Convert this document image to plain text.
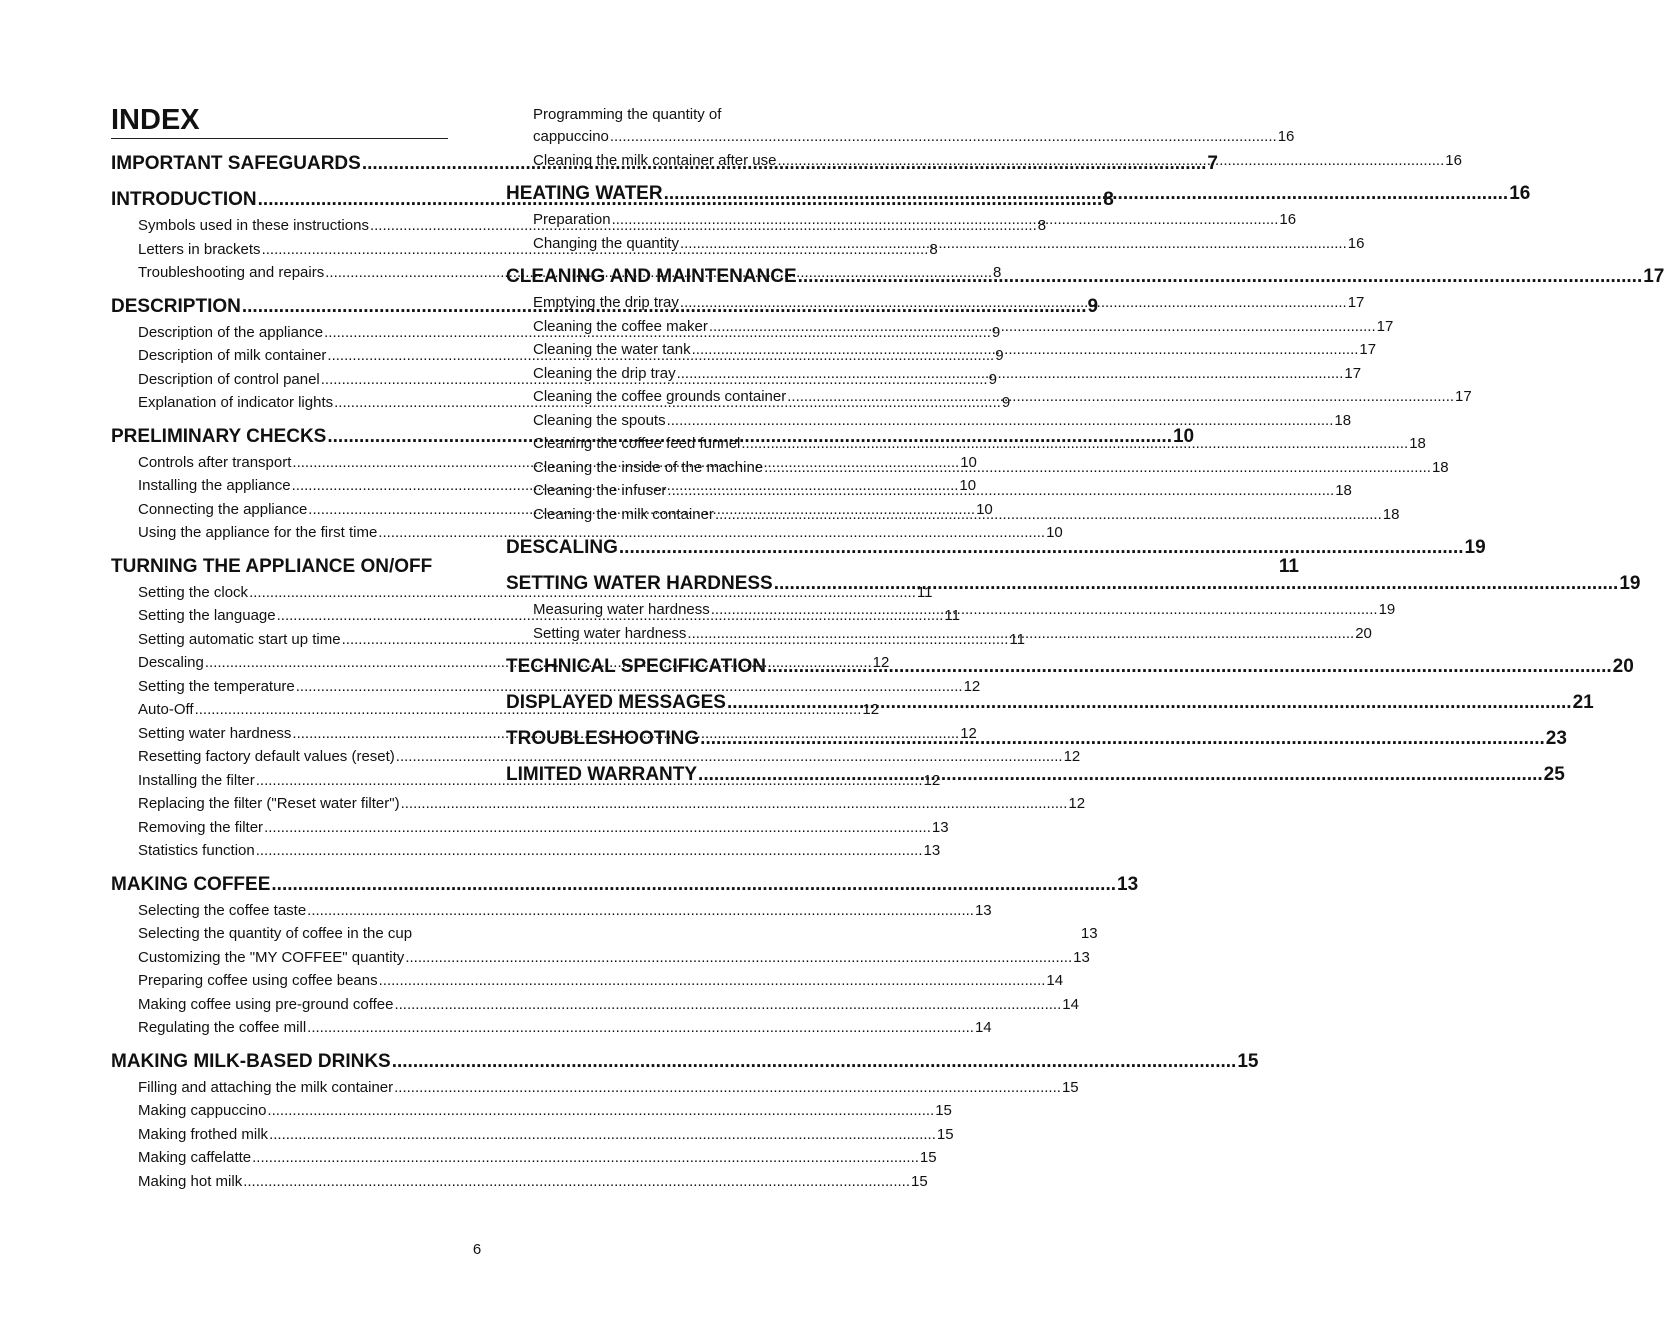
INDEX
IMPORTANT SAFEGUARDS .....	7
INTRODUCTION .....	8
Symbols used in these instructions .....	8
Letters in brackets .....	8
Troubleshooting and repairs .....	8
DESCRIPTION .....	9
Description of the appliance .....	9
Description of milk container .....	9
Description of control panel .....	9
Explanation of indicator lights .....	9
PRELIMINARY CHECKS .....	10
Controls after transport .....	10
Installing the appliance .....	10
Connecting the appliance .....	10
Using the appliance for the first time .....	10
TURNING THE APPLIANCE ON/OFF	11
Setting the clock .....	11
Setting the language .....	11
Setting automatic start up time .....	11
Descaling .....	12
Setting the temperature .....	12
Auto-Off .....	12
Setting water hardness .....	12
Resetting factory default values (reset) .....	12
Installing the filter .....	12
Replacing the filter ("Reset water filter") .....	12
Removing the filter .....	13
Statistics function .....	13
MAKING COFFEE .....	13
Selecting the coffee taste .....	13
Selecting the quantity of coffee in the cup	13
Customizing the "MY COFFEE" quantity .....	13
Preparing coffee using coffee beans .....	14
Making coffee using pre-ground coffee .....	14
Regulating the coffee mill .....	14
MAKING MILK-BASED DRINKS .....	15
Filling and attaching the milk container .....	15
Making cappuccino .....	15
Making frothed milk .....	15
Making caffelatte .....	15
Making hot milk .....	15
Programming the quantity of
cappuccino .....	16
Cleaning the milk container after use .....	16
HEATING WATER .....	16
Preparation .....	16
Changing the quantity .....	16
CLEANING AND MAINTENANCE .....	17
Emptying the drip tray .....	17
Cleaning the coffee maker .....	17
Cleaning the water tank .....	17
Cleaning the drip tray .....	17
Cleaning the coffee grounds container .....	17
Cleaning the spouts .....	18
Cleaning the coffee feed funnel .....	18
Cleaning the inside of the machine .....	18
Cleaning the infuser .....	18
Cleaning the milk container .....	18
DESCALING .....	19
SETTING WATER HARDNESS .....	19
Measuring water hardness .....	19
Setting water hardness .....	20
TECHNICAL SPECIFICATION .....	20
DISPLAYED MESSAGES .....	21
TROUBLESHOOTING .....	23
LIMITED WARRANTY .....	25
6
